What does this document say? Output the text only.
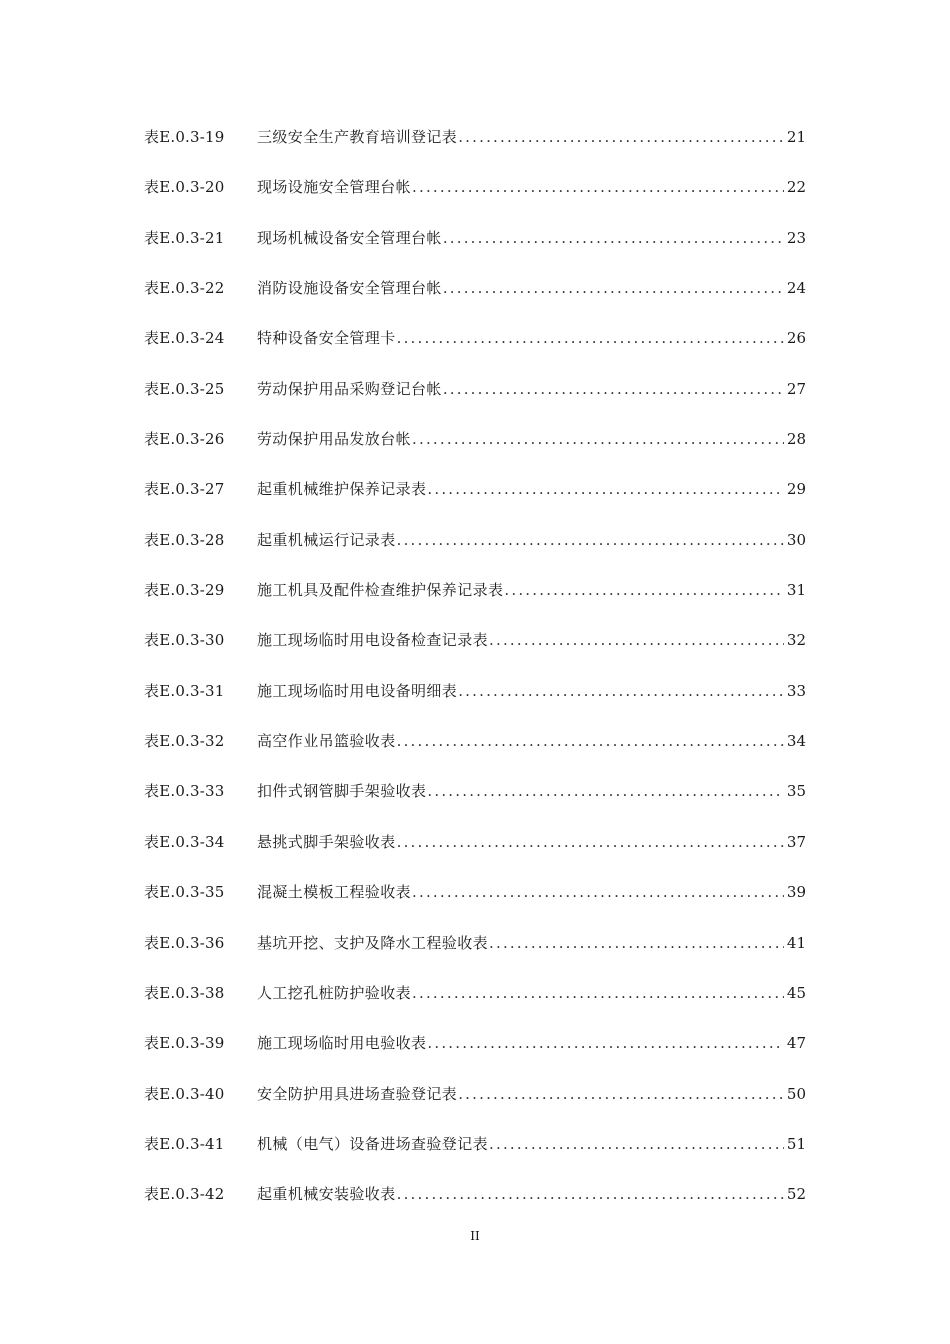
表E.0.3-19	三级安全生产教育培训登记表 .....	21
表E.0.3-20	现场设施安全管理台帐 .....	22
表E.0.3-21	现场机械设备安全管理台帐 .....	23
表E.0.3-22	消防设施设备安全管理台帐 .....	24
表E.0.3-24	特种设备安全管理卡 .....	26
表E.0.3-25	劳动保护用品采购登记台帐 .....	27
表E.0.3-26	劳动保护用品发放台帐 .....	28
表E.0.3-27	起重机械维护保养记录表 .....	29
表E.0.3-28	起重机械运行记录表 .....	30
表E.0.3-29	施工机具及配件检查维护保养记录表 .....	31
表E.0.3-30	施工现场临时用电设备检查记录表 .....	32
表E.0.3-31	施工现场临时用电设备明细表 .....	33
表E.0.3-32	高空作业吊篮验收表 .....	34
表E.0.3-33	扣件式钢管脚手架验收表 .....	35
表E.0.3-34	悬挑式脚手架验收表 .....	37
表E.0.3-35	混凝土模板工程验收表 .....	39
表E.0.3-36	基坑开挖、支护及降水工程验收表 .....	41
表E.0.3-38	人工挖孔桩防护验收表 .....	45
表E.0.3-39	施工现场临时用电验收表 .....	47
表E.0.3-40	安全防护用具进场查验登记表 .....	50
表E.0.3-41	机械（电气）设备进场查验登记表 .....	51
表E.0.3-42	起重机械安装验收表 .....	52
II
